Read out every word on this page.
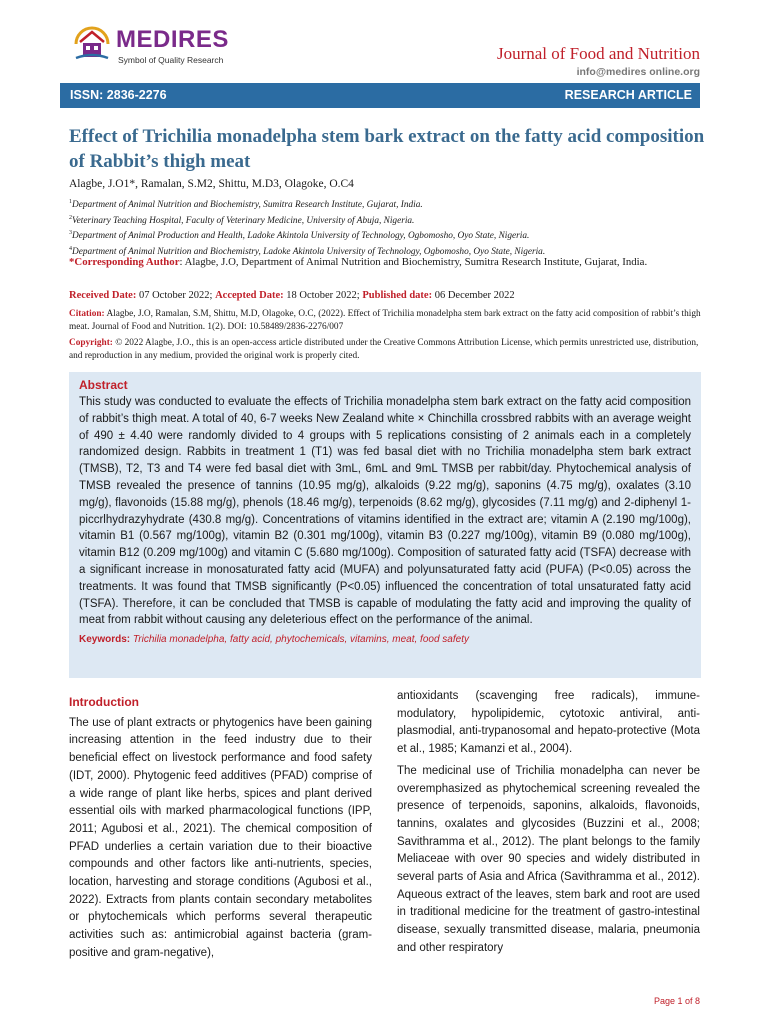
MEDIRES
Symbol of Quality Research	Journal of Food and Nutrition
info@medires online.org
ISSN: 2836-2276	RESEARCH ARTICLE
Effect of Trichilia monadelpha stem bark extract on the fatty acid composition of Rabbit’s thigh meat
Alagbe, J.O1*, Ramalan, S.M2, Shittu, M.D3, Olagoke, O.C4
$^1$Department of Animal Nutrition and Biochemistry, Sumitra Research Institute, Gujarat, India.
$^2$Veterinary Teaching Hospital, Faculty of Veterinary Medicine, University of Abuja, Nigeria.
$^3$Department of Animal Production and Health, Ladoke Akintola University of Technology, Ogbomosho, Oyo State, Nigeria.
$^4$Department of Animal Nutrition and Biochemistry, Ladoke Akintola University of Technology, Ogbomosho, Oyo State, Nigeria.
*Corresponding Author: Alagbe, J.O, Department of Animal Nutrition and Biochemistry, Sumitra Research Institute, Gujarat, India.
Received Date: 07 October 2022; Accepted Date: 18 October 2022; Published date: 06 December 2022
Citation: Alagbe, J.O, Ramalan, S.M, Shittu, M.D, Olagoke, O.C, (2022). Effect of Trichilia monadelpha stem bark extract on the fatty acid composition of rabbit’s thigh meat. Journal of Food and Nutrition. 1(2). DOI: 10.58489/2836-2276/007
Copyright: © 2022 Alagbe, J.O., this is an open-access article distributed under the Creative Commons Attribution License, which permits unrestricted use, distribution, and reproduction in any medium, provided the original work is properly cited.
Abstract

This study was conducted to evaluate the effects of Trichilia monadelpha stem bark extract on the fatty acid composition of rabbit’s thigh meat. A total of 40, 6-7 weeks New Zealand white × Chinchilla crossbred rabbits with an average weight of 490 ± 4.40 were randomly divided to 4 groups with 5 replications consisting of 2 animals each in a completely randomized design. Rabbits in treatment 1 (T1) was fed basal diet with no Trichilia monadelpha stem bark extract (TMSB), T2, T3 and T4 were fed basal diet with 3mL, 6mL and 9mL TMSB per rabbit/day. Phytochemical analysis of TMSB revealed the presence of tannins (10.95 mg/g), alkaloids (9.22 mg/g), saponins (4.75 mg/g), oxalates (3.10 mg/g), flavonoids (15.88 mg/g), phenols (18.46 mg/g), terpenoids (8.62 mg/g), glycosides (7.11 mg/g) and 2-diphenyl 1-piccrlhydrazyhydrate (430.8 mg/g). Concentrations of vitamins identified in the extract are; vitamin A (2.190 mg/100g), vitamin B1 (0.567 mg/100g), vitamin B2 (0.301 mg/100g), vitamin B3 (0.227 mg/100g), vitamin B9 (0.080 mg/100g), vitamin B12 (0.209 mg/100g) and vitamin C (5.680 mg/100g). Composition of saturated fatty acid (TSFA) decrease with a significant increase in monosaturated fatty acid (MUFA) and polyunsaturated fatty acid (PUFA) (P<0.05) across the treatments. It was found that TMSB significantly (P<0.05) influenced the concentration of total unsaturated fatty acid (TSFA). Therefore, it can be concluded that TMSB is capable of modulating the fatty acid and improving the quality of meat from rabbit without causing any deleterious effect on the performance of the animal.

Keywords: Trichilia monadelpha, fatty acid, phytochemicals, vitamins, meat, food safety
Introduction

The use of plant extracts or phytogenics have been gaining increasing attention in the feed industry due to their beneficial effect on livestock performance and food safety (IDT, 2000). Phytogenic feed additives (PFAD) comprise of a wide range of plant like herbs, spices and plant derived essential oils with marked pharmacological functions (IPP, 2011; Agubosi et al., 2021). The chemical composition of PFAD underlies a certain variation due to their bioactive compounds and other factors like anti-nutrients, species, location, harvesting and storage conditions (Agubosi et al., 2022). Extracts from plants contain secondary metabolites or phytochemicals which performs several therapeutic activities such as: antimicrobial against bacteria (gram-positive and gram-negative),

antioxidants (scavenging free radicals), immune-modulatory, hypolipidemic, cytotoxic antiviral, anti-plasmodial, anti-trypanosomal and hepato-protective (Mota et al., 1985; Kamanzi et al., 2004).

The medicinal use of Trichilia monadelpha can never be overemphasized as phytochemical screening revealed the presence of terpenoids, saponins, alkaloids, flavonoids, tannins, oxalates and glycosides (Buzzini et al., 2008; Savithramma et al., 2012). The plant belongs to the family Meliaceae with over 90 species and widely distributed in several parts of Asia and Africa (Savithramma et al., 2012). Aqueous extract of the leaves, stem bark and root are used in traditional medicine for the treatment of gastro-intestinal disease, sexually transmitted disease, malaria, pneumonia and other respiratory

Page 1 of 8
